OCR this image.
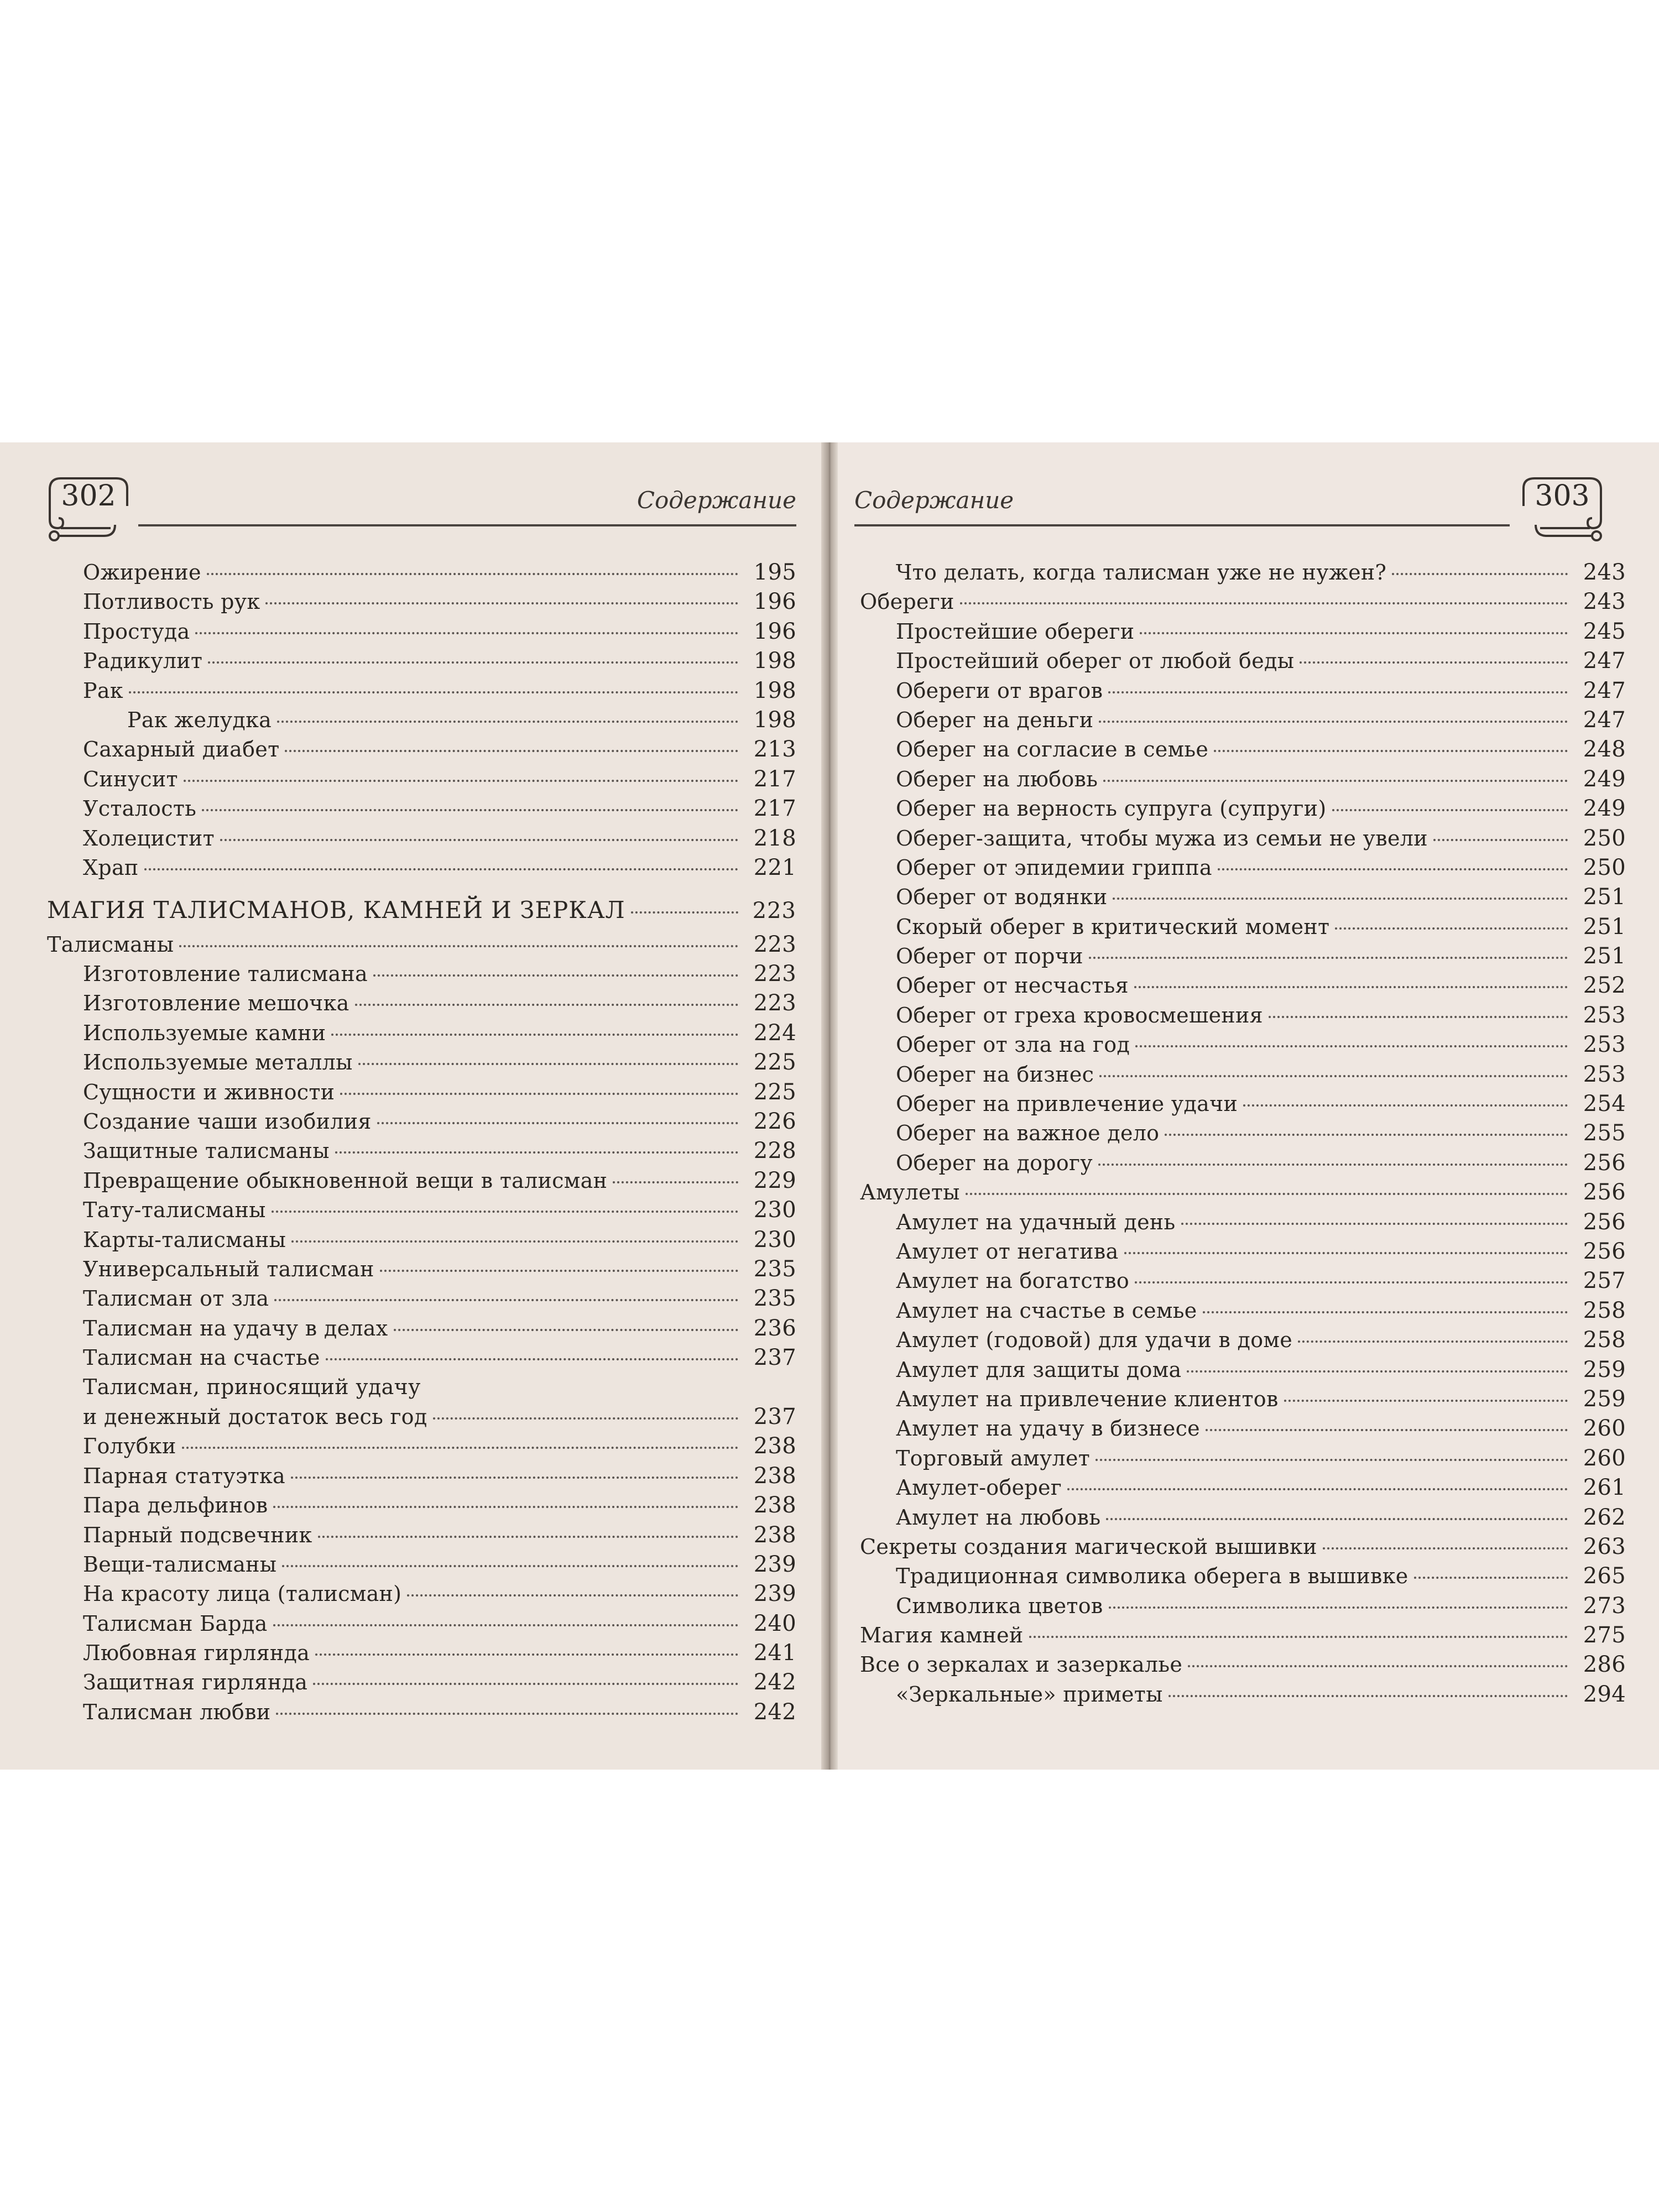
302	Содержание
Ожирение	195
Потливость рук	196
Простуда	196
Радикулит	198
Рак	198
Рак желудка	198
Сахарный диабет	213
Синусит	217
Усталость	217
Холецистит	218
Храп	221
МАГИЯ ТАЛИСМАНОВ, КАМНЕЙ И ЗЕРКАЛ	223
Талисманы	223
Изготовление талисмана	223
Изготовление мешочка	223
Используемые камни	224
Используемые металлы	225
Сущности и живности	225
Создание чаши изобилия	226
Защитные талисманы	228
Превращение обыкновенной вещи в талисман	229
Тату-талисманы	230
Карты-талисманы	230
Универсальный талисман	235
Талисман от зла	235
Талисман на удачу в делах	236
Талисман на счастье	237
Талисман, приносящий удачу
и денежный достаток весь год	237
Голубки	238
Парная статуэтка	238
Пара дельфинов	238
Парный подсвечник	238
Вещи-талисманы	239
На красоту лица (талисман)	239
Талисман Барда	240
Любовная гирлянда	241
Защитная гирлянда	242
Талисман любви	242
303
Содержание
Что делать, когда талисман уже не нужен?	243
Обереги	243
Простейшие обереги	245
Простейший оберег от любой беды	247
Обереги от врагов	247
Оберег на деньги	247
Оберег на согласие в семье	248
Оберег на любовь	249
Оберег на верность супруга (супруги)	249
Оберег-защита, чтобы мужа из семьи не увели	250
Оберег от эпидемии гриппа	250
Оберег от водянки	251
Скорый оберег в критический момент	251
Оберег от порчи	251
Оберег от несчастья	252
Оберег от греха кровосмешения	253
Оберег от зла на год	253
Оберег на бизнес	253
Оберег на привлечение удачи	254
Оберег на важное дело	255
Оберег на дорогу	256
Амулеты	256
Амулет на удачный день	256
Амулет от негатива	256
Амулет на богатство	257
Амулет на счастье в семье	258
Амулет (годовой) для удачи в доме	258
Амулет для защиты дома	259
Амулет на привлечение клиентов	259
Амулет на удачу в бизнесе	260
Торговый амулет	260
Амулет-оберег	261
Амулет на любовь	262
Секреты создания магической вышивки	263
Традиционная символика оберега в вышивке	265
Символика цветов	273
Магия камней	275
Все о зеркалах и зазеркалье	286
«Зеркальные» приметы	294
